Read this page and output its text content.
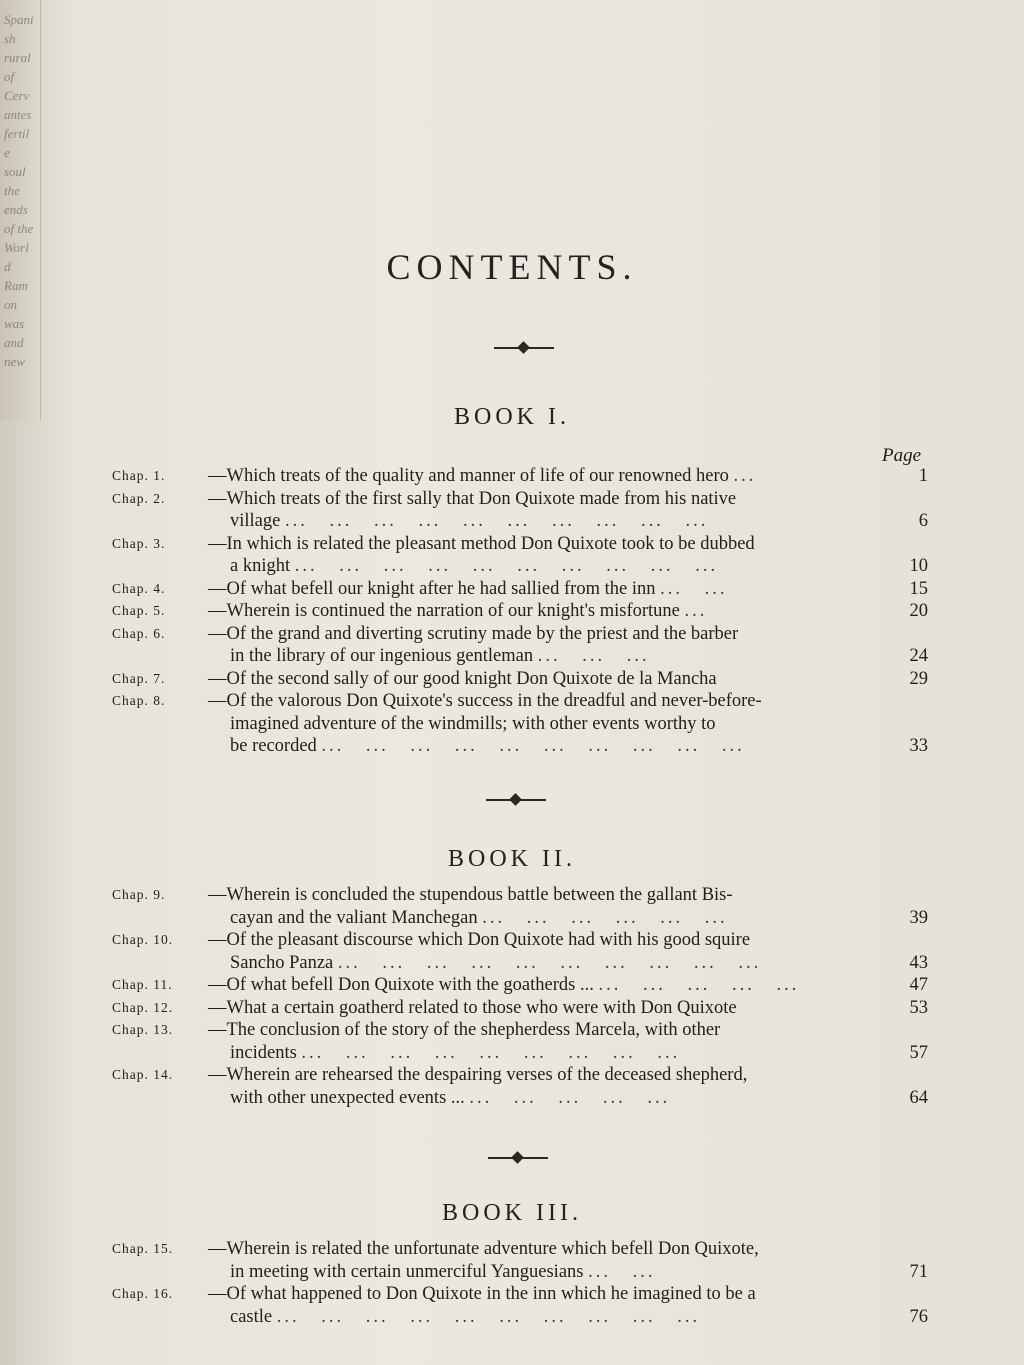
Spanish rural of Cervantes fertile soul the ends of the World Ramon was and new
CONTENTS.
BOOK I.
Page
Chap. 1. —Which treats of the quality and manner of life of our renowned hero ...	1
Chap. 2. —Which treats of the first sally that Don Quixote made from his native
village ... ... ... ... ... ... ... ... ... ...	6
Chap. 3. —In which is related the pleasant method Don Quixote took to be dubbed
a knight ... ... ... ... ... ... ... ... ... ...	10
Chap. 4. —Of what befell our knight after he had sallied from the inn ... ...	15
Chap. 5. —Wherein is continued the narration of our knight's misfortune ...	20
Chap. 6. —Of the grand and diverting scrutiny made by the priest and the barber
in the library of our ingenious gentleman ... ... ...	24
Chap. 7. —Of the second sally of our good knight Don Quixote de la Mancha	29
Chap. 8. —Of the valorous Don Quixote's success in the dreadful and never-before-
imagined adventure of the windmills; with other events worthy to
be recorded ... ... ... ... ... ... ... ... ... ...	33
BOOK II.
Chap. 9. —Wherein is concluded the stupendous battle between the gallant Bis-
cayan and the valiant Manchegan ... ... ... ... ... ...	39
Chap. 10. —Of the pleasant discourse which Don Quixote had with his good squire
Sancho Panza ... ... ... ... ... ... ... ... ... ...	43
Chap. 11. —Of what befell Don Quixote with the goatherds ... ... ... ... ... ...	47
Chap. 12. —What a certain goatherd related to those who were with Don Quixote	53
Chap. 13. —The conclusion of the story of the shepherdess Marcela, with other
incidents ... ... ... ... ... ... ... ... ...	57
Chap. 14. —Wherein are rehearsed the despairing verses of the deceased shepherd,
with other unexpected events ... ... ... ... ... ...	64
BOOK III.
Chap. 15. —Wherein is related the unfortunate adventure which befell Don Quixote,
in meeting with certain unmerciful Yanguesians ... ...	71
Chap. 16. —Of what happened to Don Quixote in the inn which he imagined to be a
castle ... ... ... ... ... ... ... ... ... ...	76
